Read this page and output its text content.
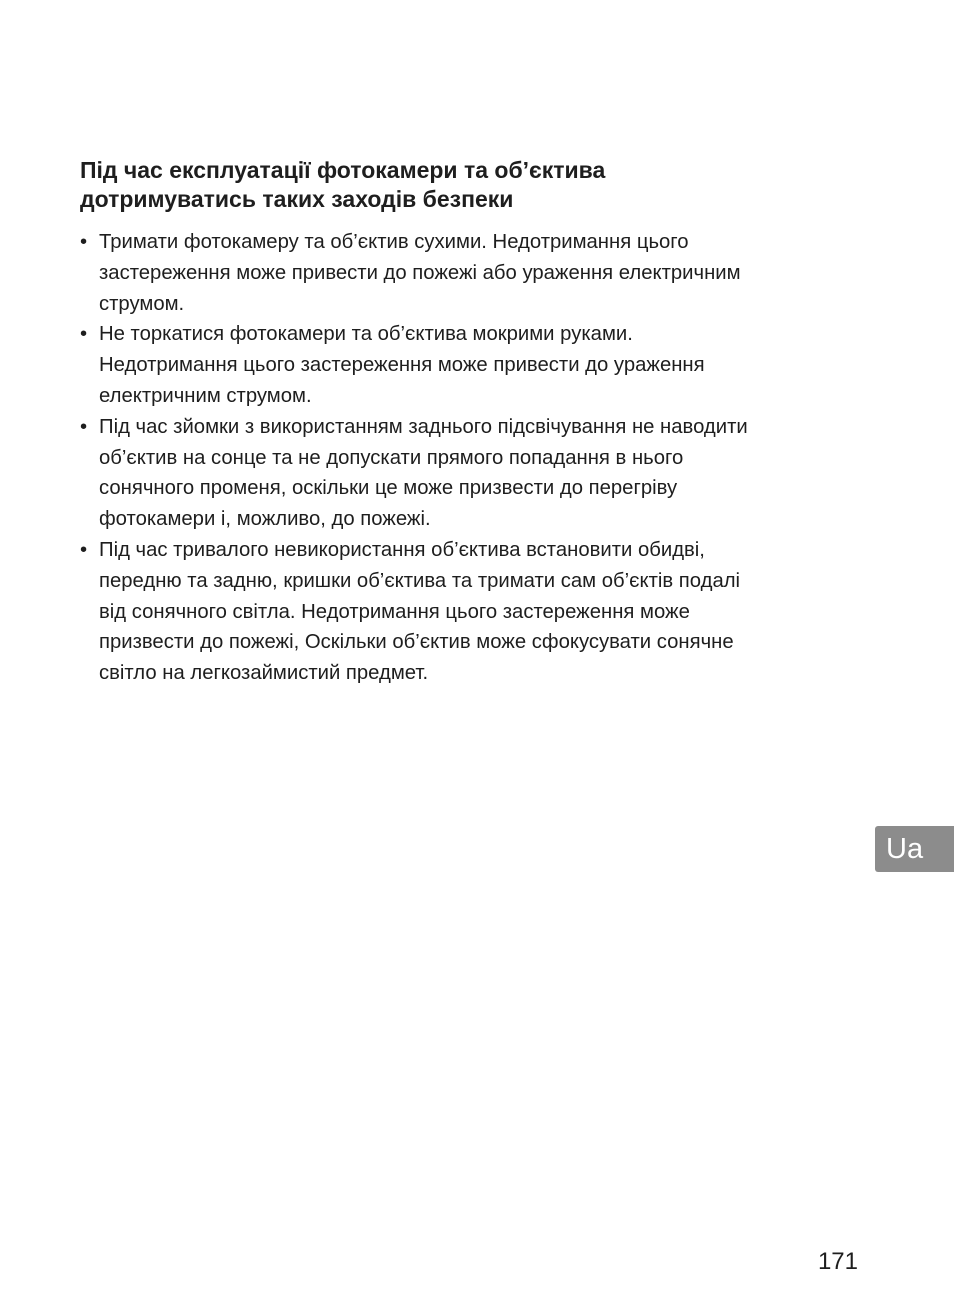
Під час експлуатації фотокамери та об’єктива
дотримуватись таких заходів безпеки
• Тримати фотокамеру та об’єктив сухими. Недотримання цього
застереження може привести до пожежі або ураження електричним
струмом.
• Не торкатися фотокамери та об’єктива мокрими руками.
Недотримання цього застереження може привести до ураження
електричним струмом.
• Під час зйомки з використанням заднього підсвічування не наводити
об’єктив на сонце та не допускати прямого попадання в нього
сонячного променя, оскільки це може призвести до перегріву
фотокамери і, можливо, до пожежі.
• Під час тривалого невикористання об’єктива встановити обидві,
передню та задню, кришки об’єктива та тримати сам об’єктів подалі
від сонячного світла. Недотримання цього застереження може
призвести до пожежі, Оскільки об’єктив може сфокусувати сонячне
світло на легкозаймистий предмет.
Ua
171
